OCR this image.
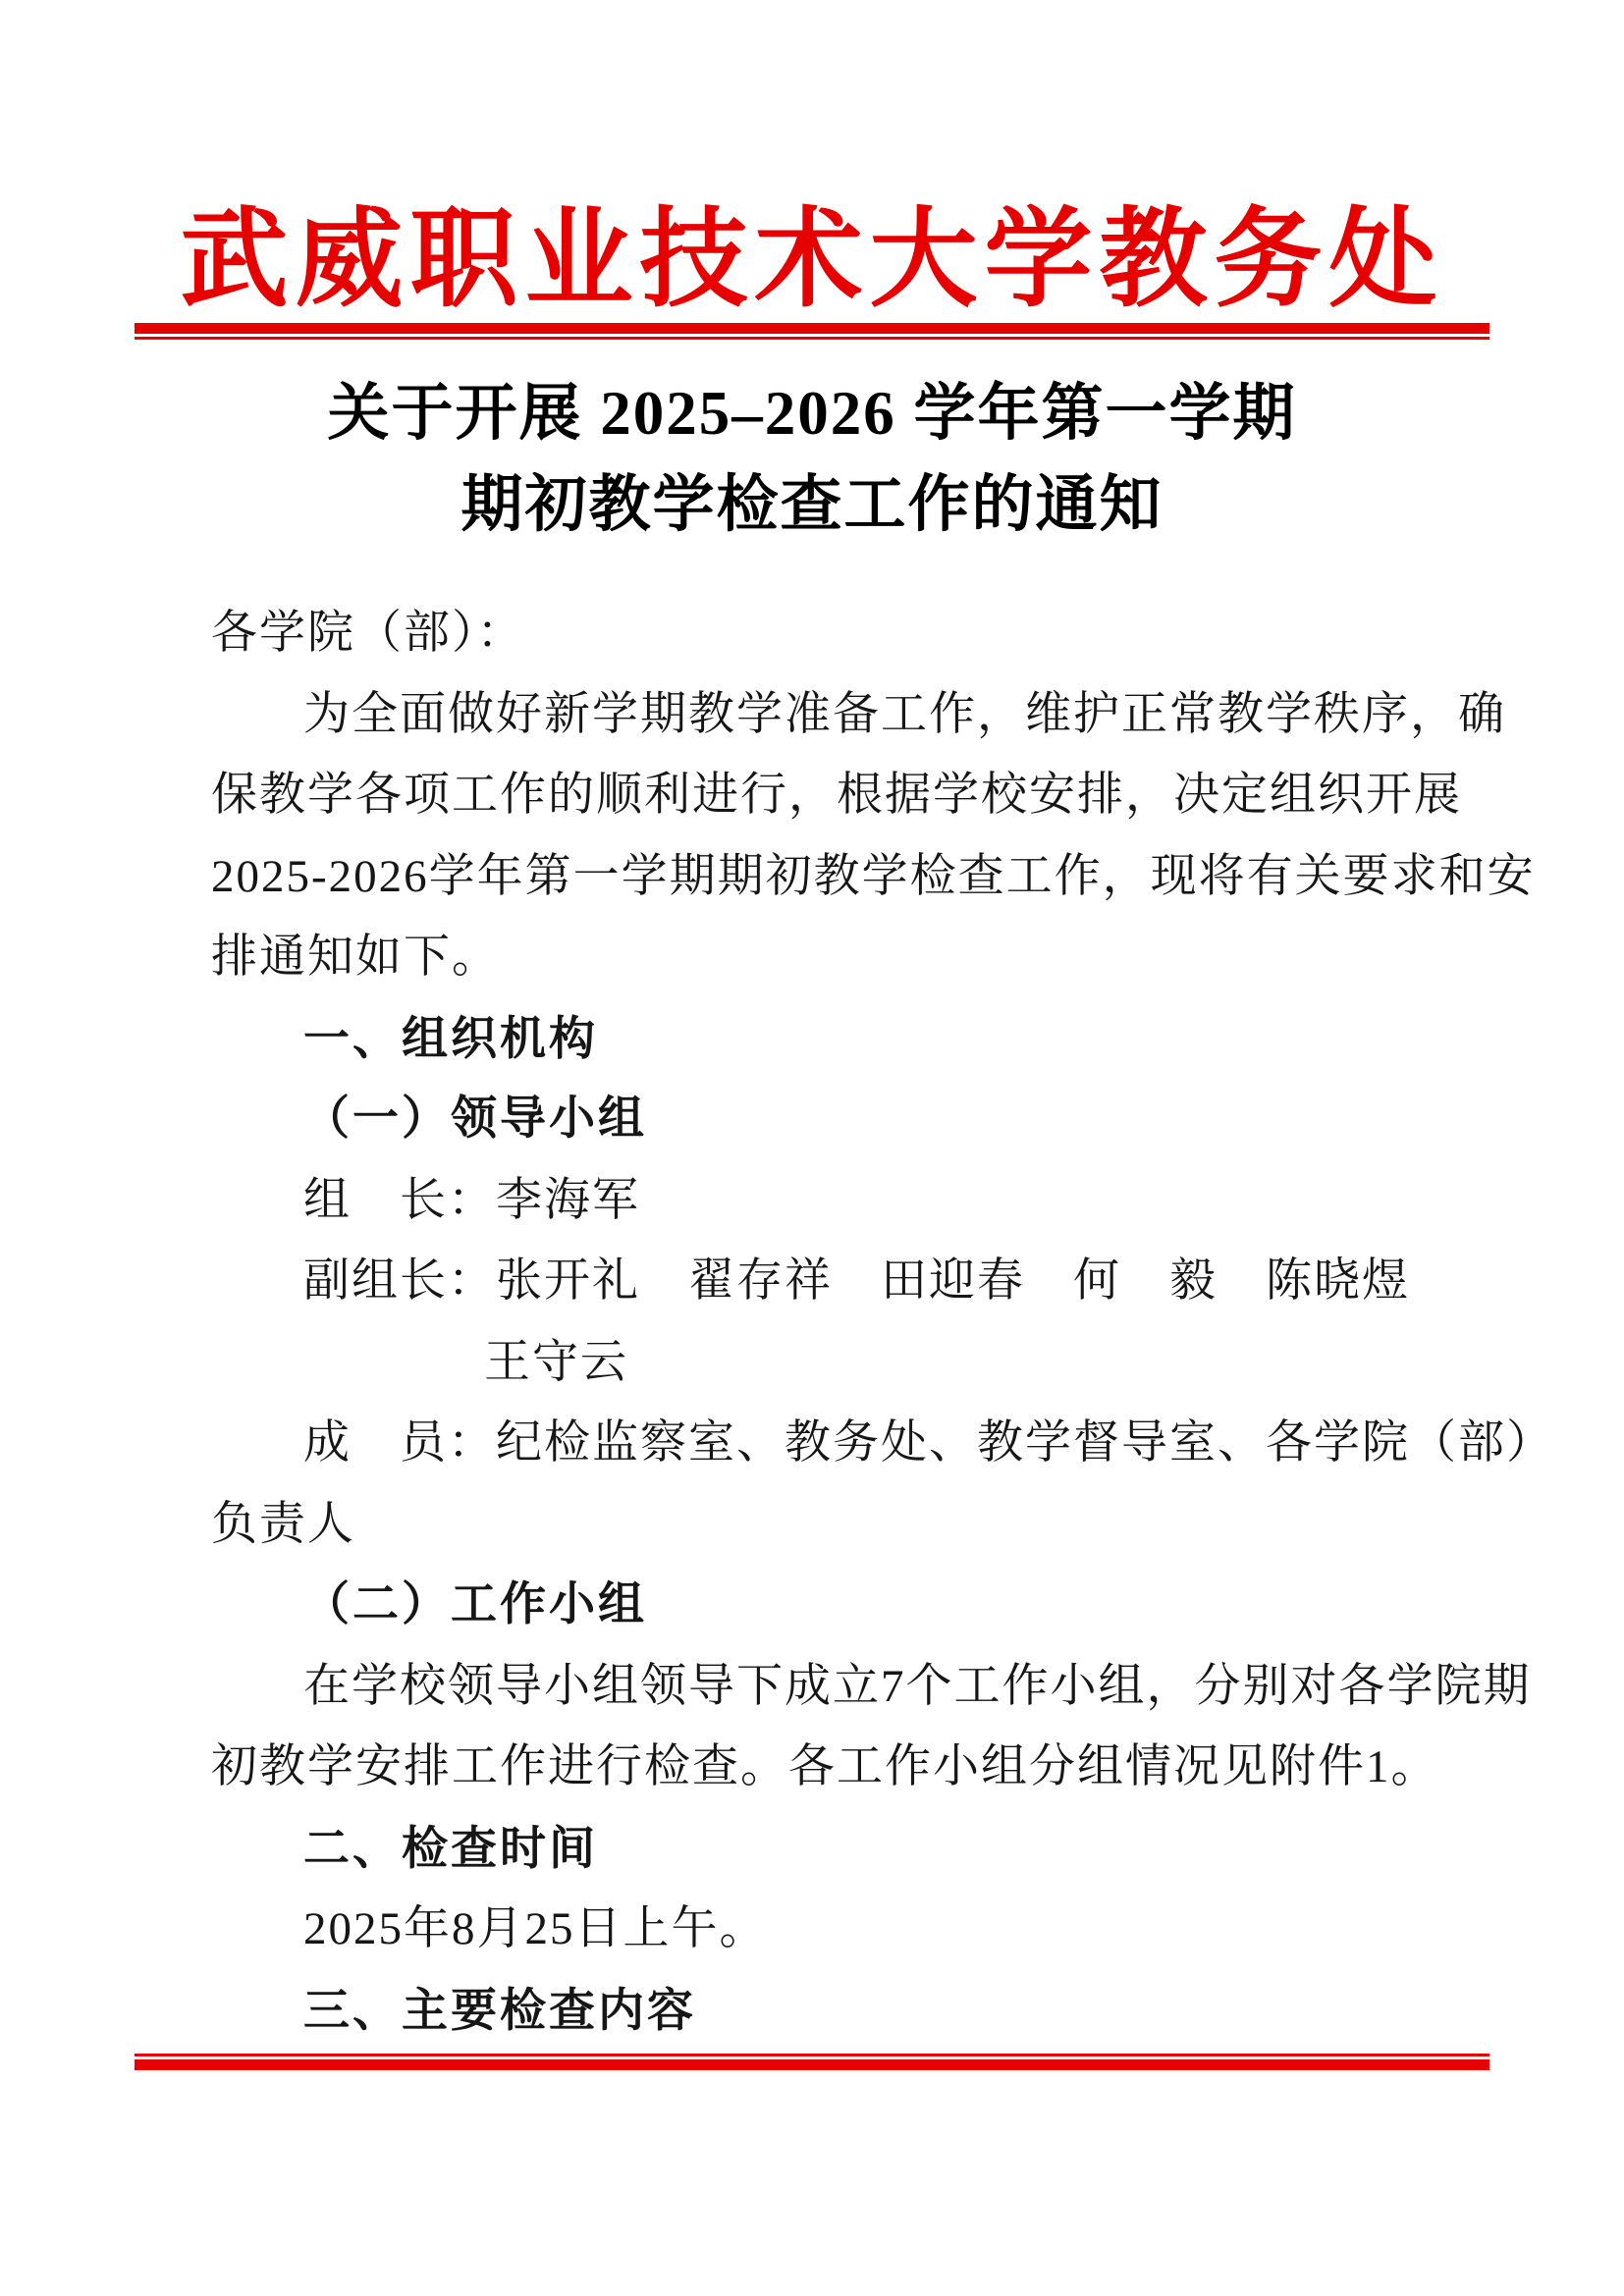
武威职业技术大学教务处
关于开展 2025–2026 学年第一学期
期初教学检查工作的通知
各学院（部）：
为全面做好新学期教学准备工作，维护正常教学秩序，确
保教学各项工作的顺利进行，根据学校安排，决定组织开展
2025-2026学年第一学期期初教学检查工作，现将有关要求和安
排通知如下。
一、组织机构
（一）领导小组
组　长：李海军
副组长：张开礼　翟存祥　田迎春　何　毅　陈晓煜
王守云
成　员：纪检监察室、教务处、教学督导室、各学院（部）
负责人
（二）工作小组
在学校领导小组领导下成立7个工作小组，分别对各学院期
初教学安排工作进行检查。各工作小组分组情况见附件1。
二、检查时间
2025年8月25日上午。
三、主要检查内容
